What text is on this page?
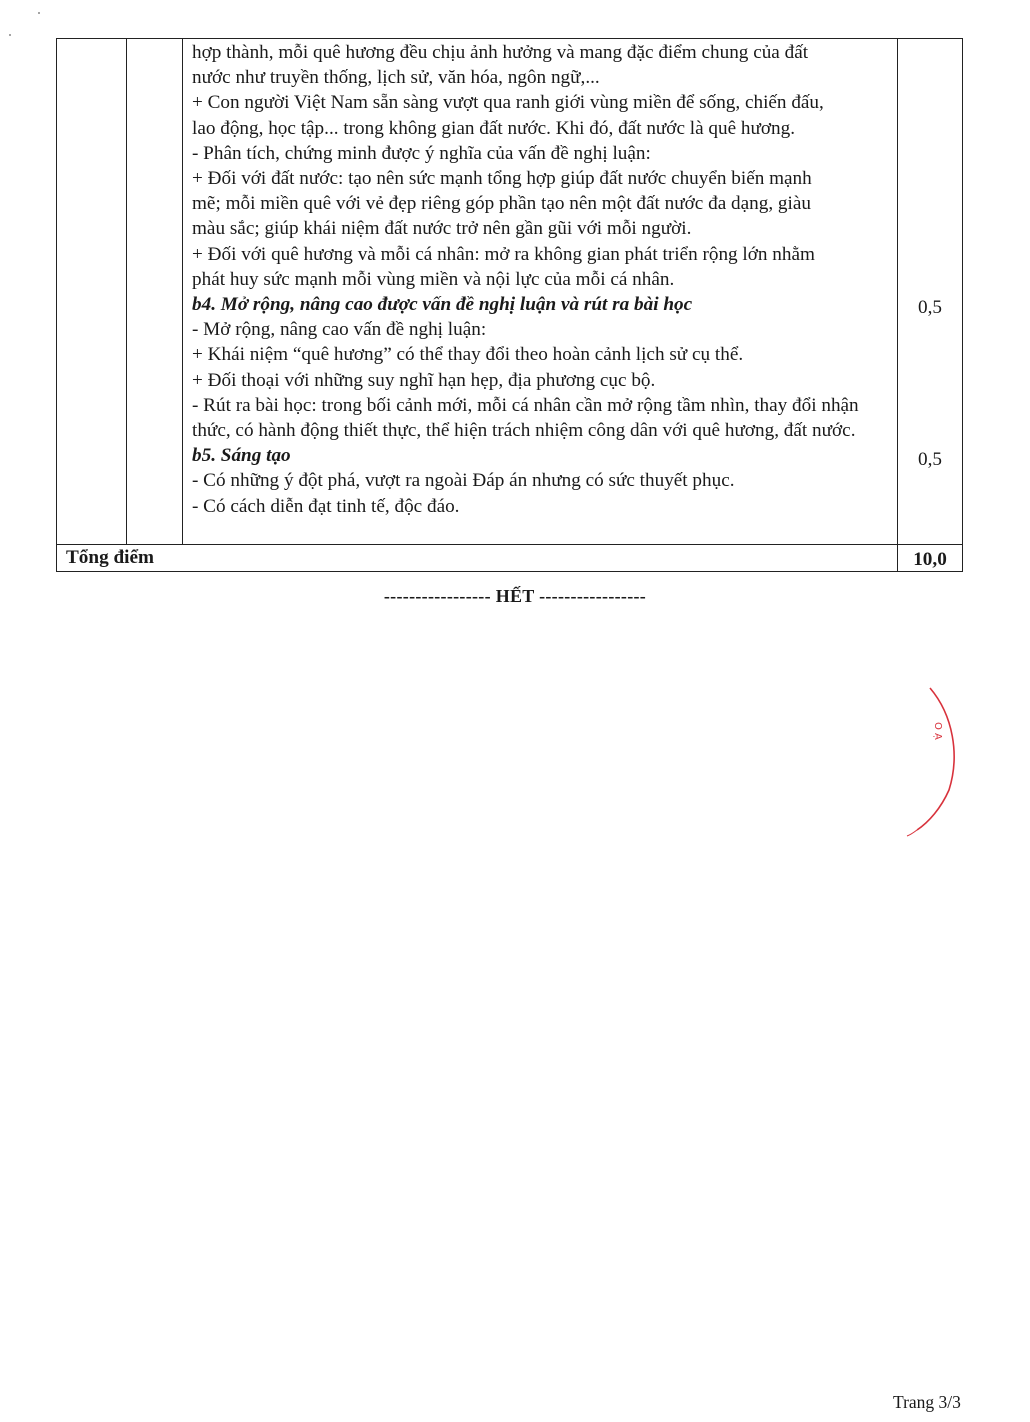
hợp thành, mỗi quê hương đều chịu ảnh hưởng và mang đặc điểm chung của đất
nước như truyền thống, lịch sử, văn hóa, ngôn ngữ,...
+ Con người Việt Nam sẵn sàng vượt qua ranh giới vùng miền để sống, chiến đấu,
lao động, học tập... trong không gian đất nước. Khi đó, đất nước là quê hương.
- Phân tích, chứng minh được ý nghĩa của vấn đề nghị luận:
+ Đối với đất nước: tạo nên sức mạnh tổng hợp giúp đất nước chuyển biến mạnh
mẽ; mỗi miền quê với vẻ đẹp riêng góp phần tạo nên một đất nước đa dạng, giàu
màu sắc; giúp khái niệm đất nước trở nên gần gũi với mỗi người.
+ Đối với quê hương và mỗi cá nhân: mở ra không gian phát triển rộng lớn nhằm
phát huy sức mạnh mỗi vùng miền và nội lực của mỗi cá nhân.
b4. Mở rộng, nâng cao được vấn đề nghị luận và rút ra bài học
- Mở rộng, nâng cao vấn đề nghị luận:
+ Khái niệm “quê hương” có thể thay đổi theo hoàn cảnh lịch sử cụ thể.
+ Đối thoại với những suy nghĩ hạn hẹp, địa phương cục bộ.
- Rút ra bài học: trong bối cảnh mới, mỗi cá nhân cần mở rộng tầm nhìn, thay đổi nhận
thức, có hành động thiết thực, thể hiện trách nhiệm công dân với quê hương, đất nước.
b5. Sáng tạo
- Có những ý đột phá, vượt ra ngoài Đáp án nhưng có sức thuyết phục.
- Có cách diễn đạt tinh tế, độc đáo.
0,5
0,5
Tổng điểm	10,0
----------------- HẾT -----------------
O Ạ
Trang 3/3
